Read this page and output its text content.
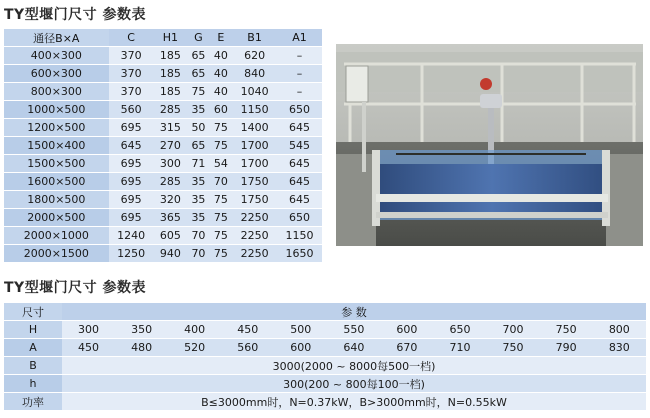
TY型堰门尺寸 参数表
通径B×A	C	H1	G	E	B1	A1
400×300	370	185	65	40	620	–
600×300	370	185	65	40	840	–
800×300	370	185	75	40	1040	–
1000×500	560	285	35	60	1150	650
1200×500	695	315	50	75	1400	645
1500×400	645	270	65	75	1700	545
1500×500	695	300	71	54	1700	645
1600×500	695	285	35	70	1750	645
1800×500	695	320	35	75	1750	645
2000×500	695	365	35	75	2250	650
2000×1000	1240	605	70	75	2250	1150
2000×1500	1250	940	70	75	2250	1650
TY型堰门尺寸 参数表
尺寸	参 数										
H	300	350	400	450	500	550	600	650	700	750	800
A	450	480	520	560	600	640	670	710	750	790	830
B	3000(2000 ~ 8000每500一档)										
h	300(200 ~ 800每100一档)										
功率	B≤3000mm时，N=0.37kW，B>3000mm时，N=0.55kW										
